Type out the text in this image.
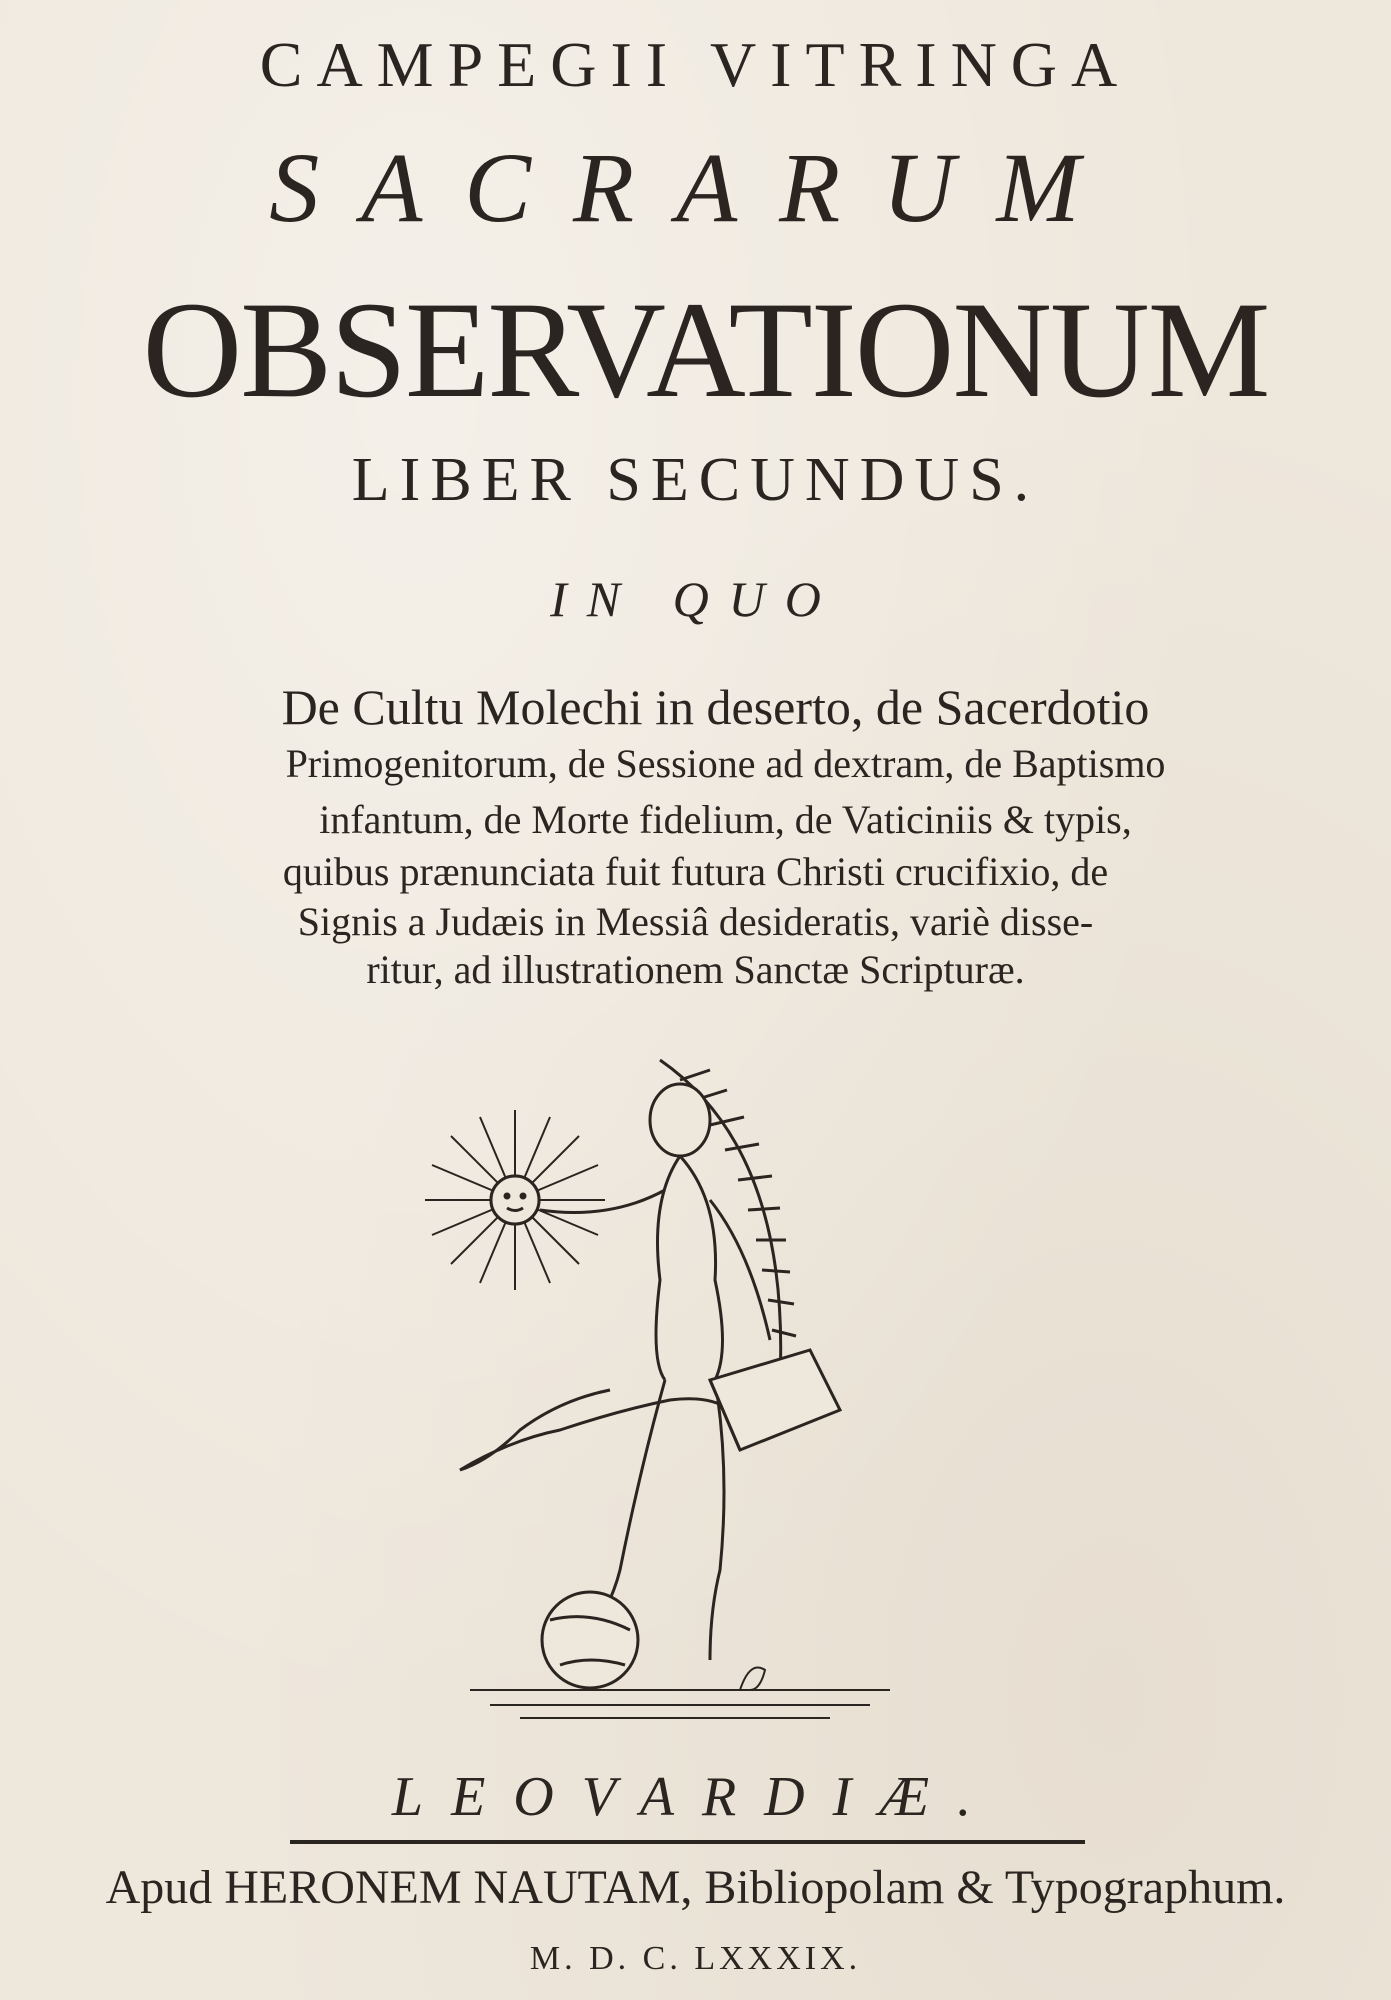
CAMPEGII VITRINGA
SACRARUM
OBSERVATIONUM
LIBER SECUNDUS.
IN QUO
De Cultu Molechi in deserto, de Sacerdotio
Primogenitorum, de Sessione ad dextram, de Baptismo
infantum, de Morte fidelium, de Vaticiniis & typis,
quibus prænunciata fuit futura Christi crucifixio, de
Signis a Judæis in Messiâ desideratis, variè disse-
ritur, ad illustrationem Sanctæ Scripturæ.
LEOVARDIÆ.
Apud HERONEM NAUTAM, Bibliopolam & Typographum.
M. D. C. LXXXIX.
